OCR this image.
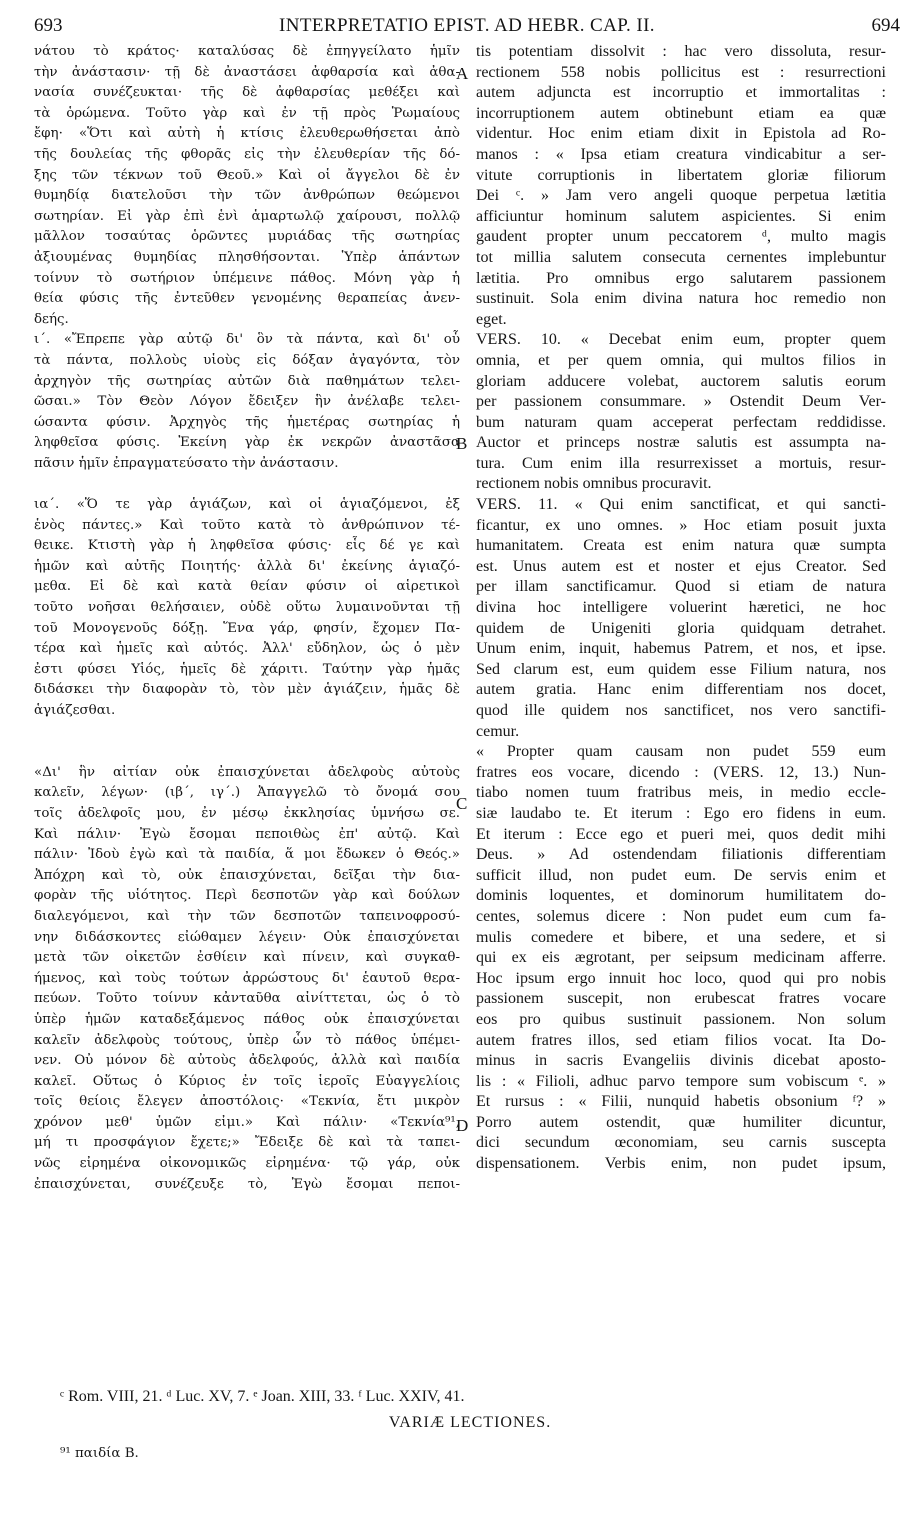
693	INTERPRETATIO EPIST. AD HEBR. CAP. II.	694
νάτου τὸ κράτος· καταλύσας δὲ ἐπηγγείλατο ἡμῖν
τὴν ἀνάστασιν· τῇ δὲ ἀναστάσει ἀφθαρσία καὶ ἀθα-
νασία συνέζευκται· τῆς δὲ ἀφθαρσίας μεθέξει καὶ
τὰ ὁρώμενα. Τοῦτο γὰρ καὶ ἐν τῇ πρὸς Ῥωμαίους
ἔφη· «Ὅτι καὶ αὐτὴ ἡ κτίσις ἐλευθερωθήσεται ἀπὸ
τῆς δουλείας τῆς φθορᾶς εἰς τὴν ἐλευθερίαν τῆς δό-
ξης τῶν τέκνων τοῦ Θεοῦ.» Καὶ οἱ ἄγγελοι δὲ ἐν
θυμηδίᾳ διατελοῦσι τὴν τῶν ἀνθρώπων θεώμενοι
σωτηρίαν. Εἰ γὰρ ἐπὶ ἑνὶ ἁμαρτωλῷ χαίρουσι, πολλῷ
μᾶλλον τοσαύτας ὁρῶντες μυριάδας τῆς σωτηρίας
ἀξιουμένας θυμηδίας πλησθήσονται. Ὑπὲρ ἁπάντων
τοίνυν τὸ σωτήριον ὑπέμεινε πάθος. Μόνη γὰρ ἡ
θεία φύσις τῆς ἐντεῦθεν γενομένης θεραπείας ἀνεν-
δεής.
ι΄. «Ἔπρεπε γὰρ αὐτῷ δι' ὃν τὰ πάντα, καὶ δι' οὗ
τὰ πάντα, πολλοὺς υἱοὺς εἰς δόξαν ἀγαγόντα, τὸν
ἀρχηγὸν τῆς σωτηρίας αὐτῶν διὰ παθημάτων τελει-
ῶσαι.» Τὸν Θεὸν Λόγον ἔδειξεν ἣν ἀνέλαβε τελει-
ώσαντα φύσιν. Ἀρχηγὸς τῆς ἡμετέρας σωτηρίας ἡ
ληφθεῖσα φύσις. Ἐκείνη γὰρ ἐκ νεκρῶν ἀναστᾶσα
πᾶσιν ἡμῖν ἐπραγματεύσατο τὴν ἀνάστασιν.
ια΄. «Ὅ τε γὰρ ἁγιάζων, καὶ οἱ ἁγιαζόμενοι, ἐξ
ἑνὸς πάντες.» Καὶ τοῦτο κατὰ τὸ ἀνθρώπινον τέ-
θεικε. Κτιστὴ γὰρ ἡ ληφθεῖσα φύσις· εἷς δέ γε καὶ
ἡμῶν καὶ αὐτῆς Ποιητής· ἀλλὰ δι' ἐκείνης ἁγιαζό-
μεθα. Εἰ δὲ καὶ κατὰ θείαν φύσιν οἱ αἱρετικοὶ
τοῦτο νοῆσαι θελήσαιεν, οὐδὲ οὕτω λυμαινοῦνται τῇ
τοῦ Μονογενοῦς δόξῃ. Ἕνα γάρ, φησίν, ἔχομεν Πα-
τέρα καὶ ἡμεῖς καὶ αὐτός. Ἀλλ' εὔδηλον, ὡς ὁ μὲν
ἐστι φύσει Υἱός, ἡμεῖς δὲ χάριτι. Ταύτην γὰρ ἡμᾶς
διδάσκει τὴν διαφορὰν τὸ, τὸν μὲν ἁγιάζειν, ἡμᾶς δὲ
ἁγιάζεσθαι.
«Δι' ἣν αἰτίαν οὐκ ἐπαισχύνεται ἀδελφοὺς αὐτοὺς
καλεῖν, λέγων· (ιβ΄, ιγ΄.) Ἀπαγγελῶ τὸ ὄνομά σου
τοῖς ἀδελφοῖς μου, ἐν μέσῳ ἐκκλησίας ὑμνήσω σε.
Καὶ πάλιν· Ἐγὼ ἔσομαι πεποιθὼς ἐπ' αὐτῷ. Καὶ
πάλιν· Ἰδοὺ ἐγὼ καὶ τὰ παιδία, ἅ μοι ἔδωκεν ὁ Θεός.»
Ἀπόχρη καὶ τὸ, οὐκ ἐπαισχύνεται, δεῖξαι τὴν δια-
φορὰν τῆς υἱότητος. Περὶ δεσποτῶν γὰρ καὶ δούλων
διαλεγόμενοι, καὶ τὴν τῶν δεσποτῶν ταπεινοφροσύ-
νην διδάσκοντες εἰώθαμεν λέγειν· Οὐκ ἐπαισχύνεται
μετὰ τῶν οἰκετῶν ἐσθίειν καὶ πίνειν, καὶ συγκαθ-
ήμενος, καὶ τοὺς τούτων ἀρρώστους δι' ἑαυτοῦ θερα-
πεύων. Τοῦτο τοίνυν κἀνταῦθα αἰνίττεται, ὡς ὁ τὸ
ὑπὲρ ἡμῶν καταδεξάμενος πάθος οὐκ ἐπαισχύνεται
καλεῖν ἀδελφοὺς τούτους, ὑπὲρ ὧν τὸ πάθος ὑπέμει-
νεν. Οὐ μόνον δὲ αὐτοὺς ἀδελφούς, ἀλλὰ καὶ παιδία
καλεῖ. Οὕτως ὁ Κύριος ἐν τοῖς ἱεροῖς Εὐαγγελίοις
τοῖς θείοις ἔλεγεν ἀποστόλοις· «Τεκνία, ἔτι μικρὸν
χρόνον μεθ' ὑμῶν εἰμι.» Καὶ πάλιν· «Τεκνία⁹¹,
μή τι προσφάγιον ἔχετε;» Ἔδειξε δὲ καὶ τὰ ταπει-
νῶς εἰρημένα οἰκονομικῶς εἰρημένα· τῷ γάρ, οὐκ
ἐπαισχύνεται, συνέζευξε τὸ, Ἐγὼ ἔσομαι πεποι-
tis potentiam dissolvit : hac vero dissoluta, resur-
rectionem 558 nobis pollicitus est : resurrectioni
autem adjuncta est incorruptio et immortalitas :
incorruptionem autem obtinebunt etiam ea quæ
videntur. Hoc enim etiam dixit in Epistola ad Ro-
manos : « Ipsa etiam creatura vindicabitur a ser-
vitute corruptionis in libertatem gloriæ filiorum
Dei ᶜ. » Jam vero angeli quoque perpetua lætitia
afficiuntur hominum salutem aspicientes. Si enim
gaudent propter unum peccatorem ᵈ, multo magis
tot millia salutem consecuta cernentes implebuntur
lætitia. Pro omnibus ergo salutarem passionem
sustinuit. Sola enim divina natura hoc remedio non
eget.
VERS. 10. « Decebat enim eum, propter quem
omnia, et per quem omnia, qui multos filios in
gloriam adducere volebat, auctorem salutis eorum
per passionem consummare. » Ostendit Deum Ver-
bum naturam quam acceperat perfectam reddidisse.
Auctor et princeps nostræ salutis est assumpta na-
tura. Cum enim illa resurrexisset a mortuis, resur-
rectionem nobis omnibus procuravit.
VERS. 11. « Qui enim sanctificat, et qui sancti-
ficantur, ex uno omnes. » Hoc etiam posuit juxta
humanitatem. Creata est enim natura quæ sumpta
est. Unus autem est et noster et ejus Creator. Sed
per illam sanctificamur. Quod si etiam de natura
divina hoc intelligere voluerint hæretici, ne hoc
quidem de Unigeniti gloria quidquam detrahet.
Unum enim, inquit, habemus Patrem, et nos, et ipse.
Sed clarum est, eum quidem esse Filium natura, nos
autem gratia. Hanc enim differentiam nos docet,
quod ille quidem nos sanctificet, nos vero sanctifi-
cemur.
« Propter quam causam non pudet 559 eum
fratres eos vocare, dicendo : (VERS. 12, 13.) Nun-
tiabo nomen tuum fratribus meis, in medio eccle-
siæ laudabo te. Et iterum : Ego ero fidens in eum.
Et iterum : Ecce ego et pueri mei, quos dedit mihi
Deus. » Ad ostendendam filiationis differentiam
sufficit illud, non pudet eum. De servis enim et
dominis loquentes, et dominorum humilitatem do-
centes, solemus dicere : Non pudet eum cum fa-
mulis comedere et bibere, et una sedere, et si
qui ex eis ægrotant, per seipsum medicinam afferre.
Hoc ipsum ergo innuit hoc loco, quod qui pro nobis
passionem suscepit, non erubescat fratres vocare
eos pro quibus sustinuit passionem. Non solum
autem fratres illos, sed etiam filios vocat. Ita Do-
minus in sacris Evangeliis divinis dicebat aposto-
lis : « Filioli, adhuc parvo tempore sum vobiscum ᵉ. »
Et rursus : « Filii, nunquid habetis obsonium ᶠ? »
Porro autem ostendit, quæ humiliter dicuntur,
dici secundum œconomiam, seu carnis suscepta
dispensationem. Verbis enim, non pudet ipsum,
A
B
C
D
ᶜ Rom. VIII, 21. ᵈ Luc. XV, 7. ᵉ Joan. XIII, 33. ᶠ Luc. XXIV, 41.
VARIÆ LECTIONES.
⁹¹ παιδία B.
